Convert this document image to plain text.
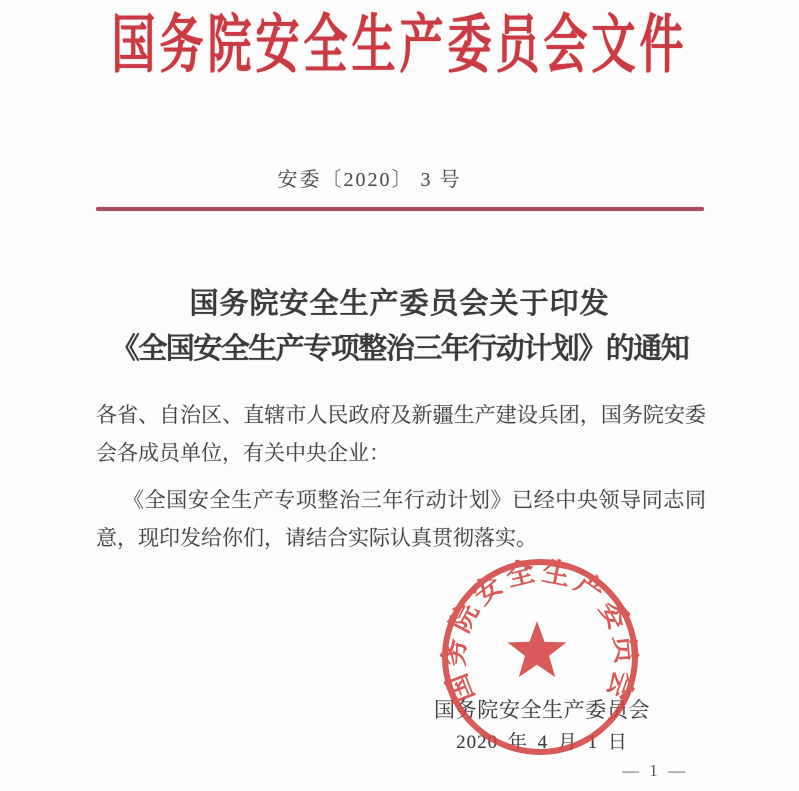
国务院安全生产委员会文件
安委〔2020〕 3 号
国务院安全生产委员会关于印发
《全国安全生产专项整治三年行动计划》的通知
各省、自治区、直辖市人民政府及新疆生产建设兵团，国务院安委
会各成员单位，有关中央企业：
《全国安全生产专项整治三年行动计划》已经中央领导同志同
意，现印发给你们，请结合实际认真贯彻落实。
国务院安全生产委员会
2020 年 4 月 1 日
国务院安全生产委员会
— 1 —
